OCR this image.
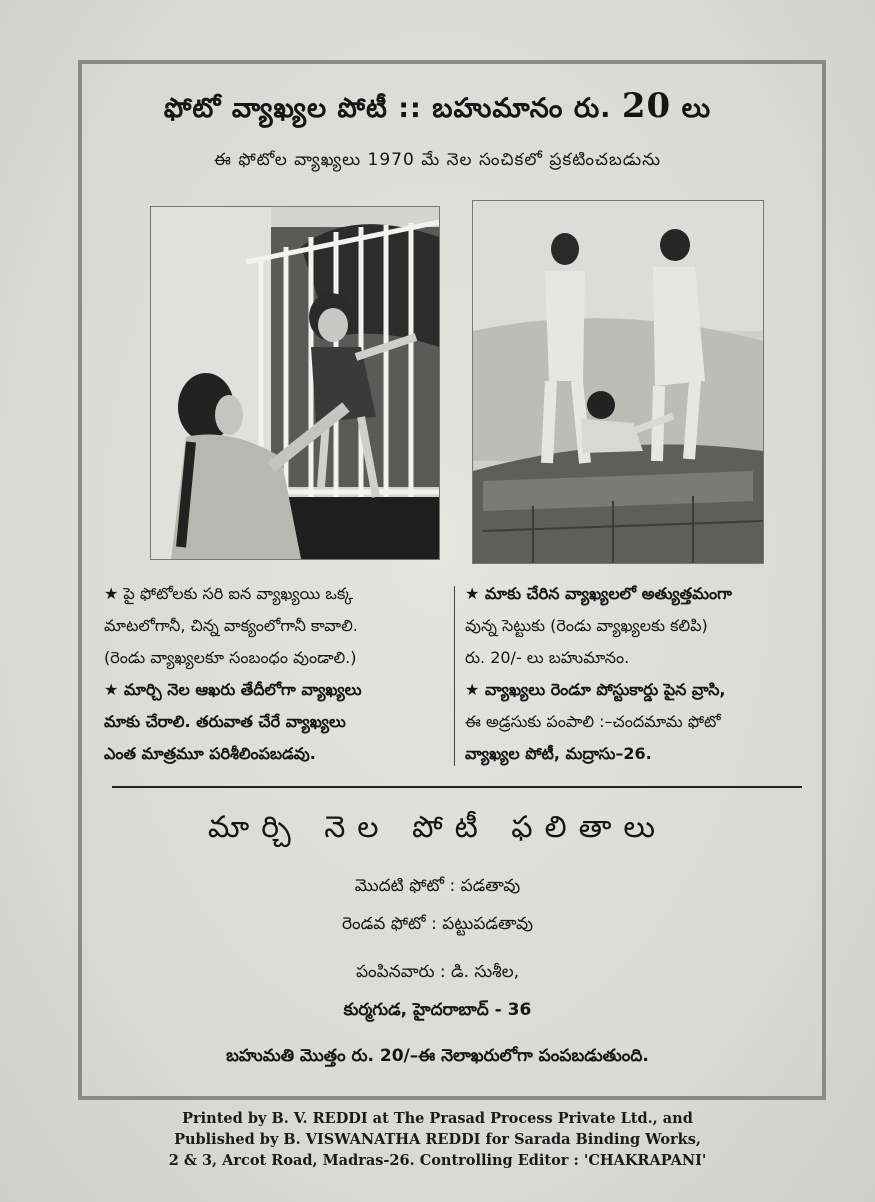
ఫోటో వ్యాఖ్యల పోటీ :: బహుమానం రు. 20 లు
ఈ ఫోటోల వ్యాఖ్యలు 1970 మే నెల సంచికలో ప్రకటించబడును
★ పై ఫోటోలకు సరి ఐన వ్యాఖ్యయి ఒక్క
మాటలోగానీ, చిన్న వాక్యంలోగానీ కావాలి.
(రెండు వ్యాఖ్యలకూ సంబంధం వుండాలి.)
★ మార్చి నెల ఆఖరు తేదీలోగా వ్యాఖ్యలు
మాకు చేరాలి. తరువాత చేరే వ్యాఖ్యలు
ఎంత మాత్రమూ పరిశీలింపబడవు.
★ మాకు చేరిన వ్యాఖ్యలలో అత్యుత్తమంగా
వున్న సెట్టుకు (రెండు వ్యాఖ్యలకు కలిపి)
రు. 20/- లు బహుమానం.
★ వ్యాఖ్యలు రెండూ పోస్టుకార్డు పైన వ్రాసి,
ఈ అడ్రసుకు పంపాలి :–చందమామ ఫోటో
వ్యాఖ్యల పోటీ, మద్రాసు–26.
మార్చి నెల పోటీ ఫలితాలు
మొదటి ఫోటో : పడతావు
రెండవ ఫోటో : పట్టుపడతావు
పంపినవారు : డి. సుశీల,
కుర్మగుడ, హైదరాబాద్ - 36
బహుమతి మొత్తం రు. 20/–ఈ నెలాఖరులోగా పంపబడుతుంది.
Printed by B. V. REDDI at The Prasad Process Private Ltd., and
Published by B. VISWANATHA REDDI for Sarada Binding Works,
2 & 3, Arcot Road, Madras-26. Controlling Editor : 'CHAKRAPANI'
